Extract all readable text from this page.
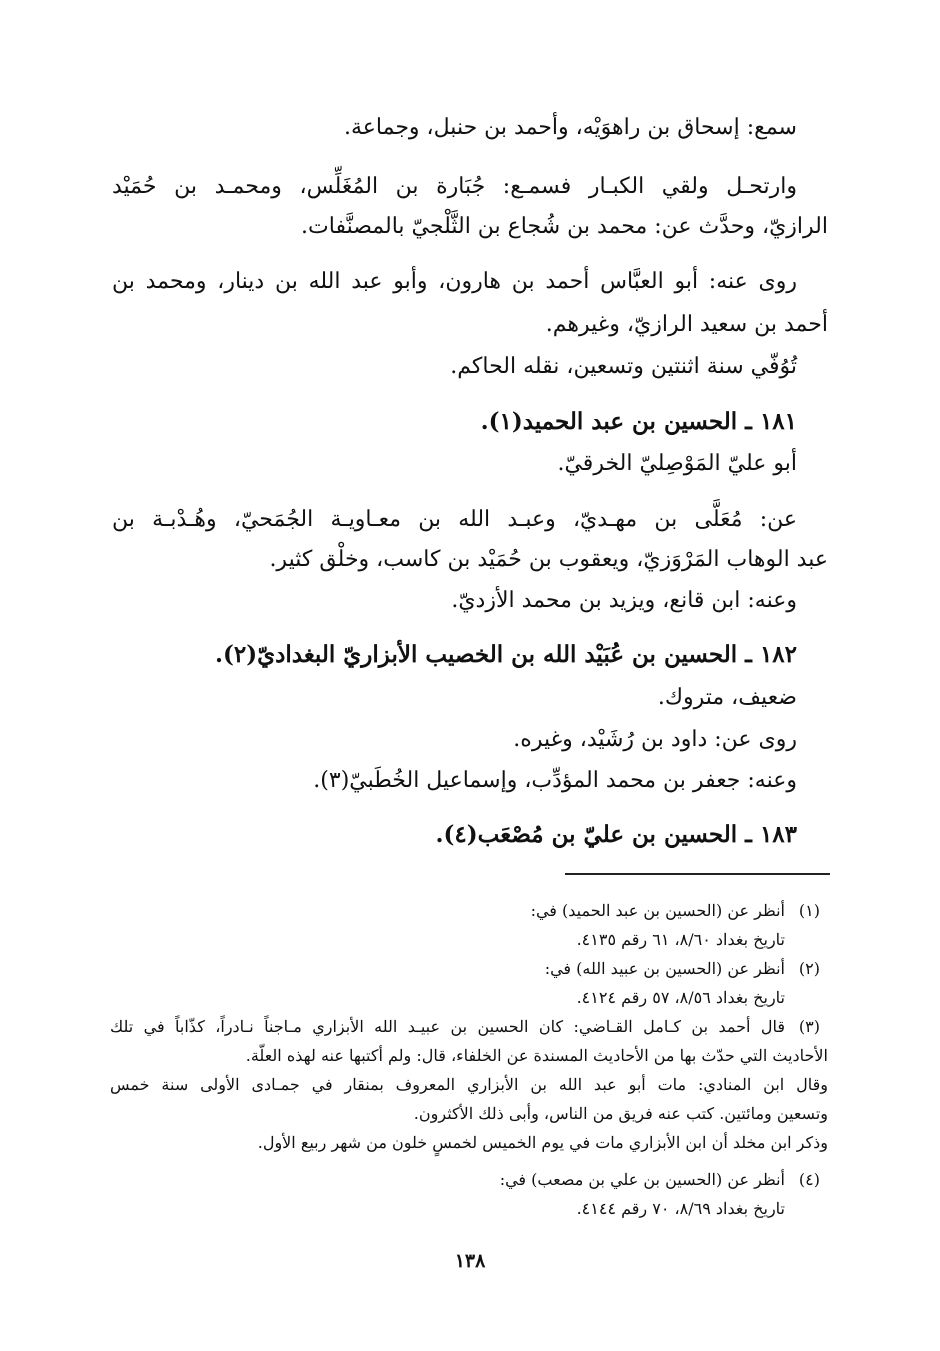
سمع: إسحاق بن راهوَيْه، وأحمد بن حنبل، وجماعة.
وارتحـل ولقي الكبـار فسمـع: جُبَارة بن المُغَلِّس، ومحمـد بن حُمَيْد
الرازيّ، وحدَّث عن: محمد بن شُجاع بن الثَّلْجيّ بالمصنَّفات.
روى عنه: أبو العبَّاس أحمد بن هارون، وأبو عبد الله بن دينار، ومحمد بن
أحمد بن سعيد الرازيّ، وغيرهم.
تُوُفّي سنة اثنتين وتسعين، نقله الحاكم.
١٨١ ـ الحسين بن عبد الحميد(١).
أبو عليّ المَوْصِليّ الخرقيّ.
عن: مُعَلَّى بن مهـديّ، وعبـد الله بن معـاويـة الجُمَحيّ، وهُـدْبـة بن
عبد الوهاب المَرْوَزيّ، ويعقوب بن حُمَيْد بن كاسب، وخلْق كثير.
وعنه: ابن قانع، ويزيد بن محمد الأزديّ.
١٨٢ ـ الحسين بن عُبَيْد الله بن الخصيب الأبزاريّ البغداديّ(٢).
ضعيف، متروك.
روى عن: داود بن رُشَيْد، وغيره.
وعنه: جعفر بن محمد المؤدِّب، وإسماعيل الخُطَبيّ(٣).
١٨٣ ـ الحسين بن عليّ بن مُصْعَب(٤).
(١)
أنظر عن (الحسين بن عبد الحميد) في:
تاريخ بغداد ٨/٦٠، ٦١ رقم ٤١٣٥.
(٢)
أنظر عن (الحسين بن عبيد الله) في:
تاريخ بغداد ٨/٥٦، ٥٧ رقم ٤١٢٤.
(٣)
قال أحمد بن كـامل القـاضي: كان الحسين بن عبيـد الله الأبزاري مـاجناً نـادراً، كذّاباً في تلك
الأحاديث التي حدّث بها من الأحاديث المسندة عن الخلفاء، قال: ولم أكتبها عنه لهذه العلّة.
وقال ابن المنادي: مات أبو عبد الله بن الأبزاري المعروف بمنقار في جمـادى الأولى سنة خمس
وتسعين ومائتين. كتب عنه فريق من الناس، وأبى ذلك الأكثرون.
وذكر ابن مخلد أن ابن الأبزاري مات في يوم الخميس لخمسٍ خلون من شهر ربيع الأول.
(٤)
أنظر عن (الحسين بن علي بن مصعب) في:
تاريخ بغداد ٨/٦٩، ٧٠ رقم ٤١٤٤.
١٣٨
